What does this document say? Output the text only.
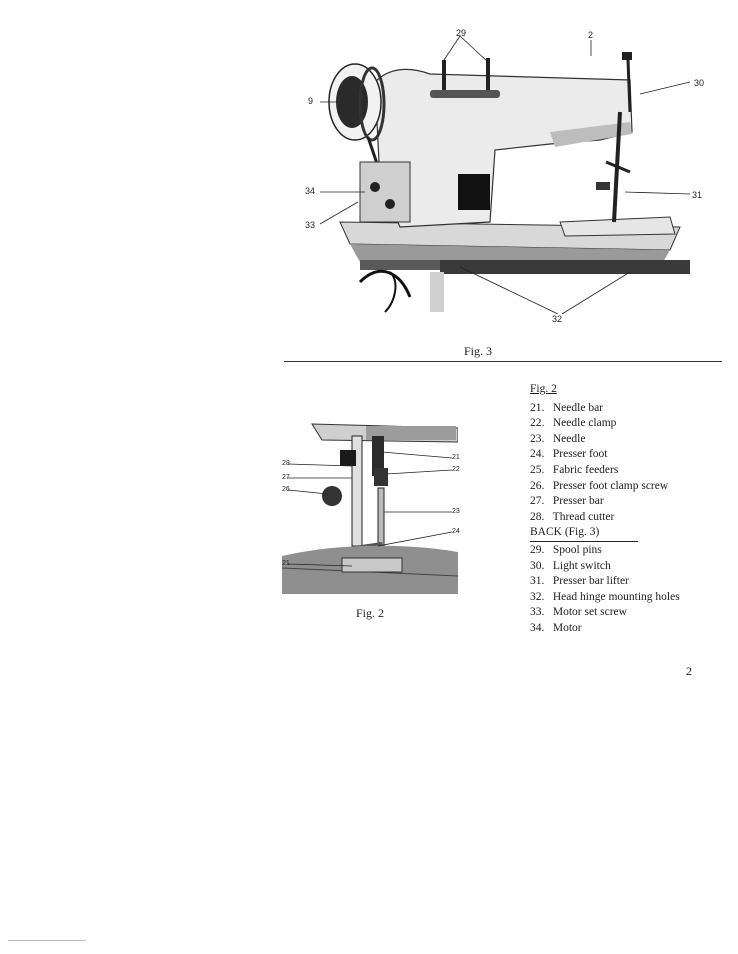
29	2
30
9
34	31
33
32
Fig. 3
28
27
26
21
21
22
23
24
Fig. 2
Fig. 2
21. Needle bar
22. Needle clamp
23. Needle
24. Presser foot
25. Fabric feeders
26. Presser foot clamp screw
27. Presser bar
28. Thread cutter
BACK (Fig. 3)
29. Spool pins
30. Light switch
31. Presser bar lifter
32. Head hinge mounting holes
33. Motor set screw
34. Motor
2
